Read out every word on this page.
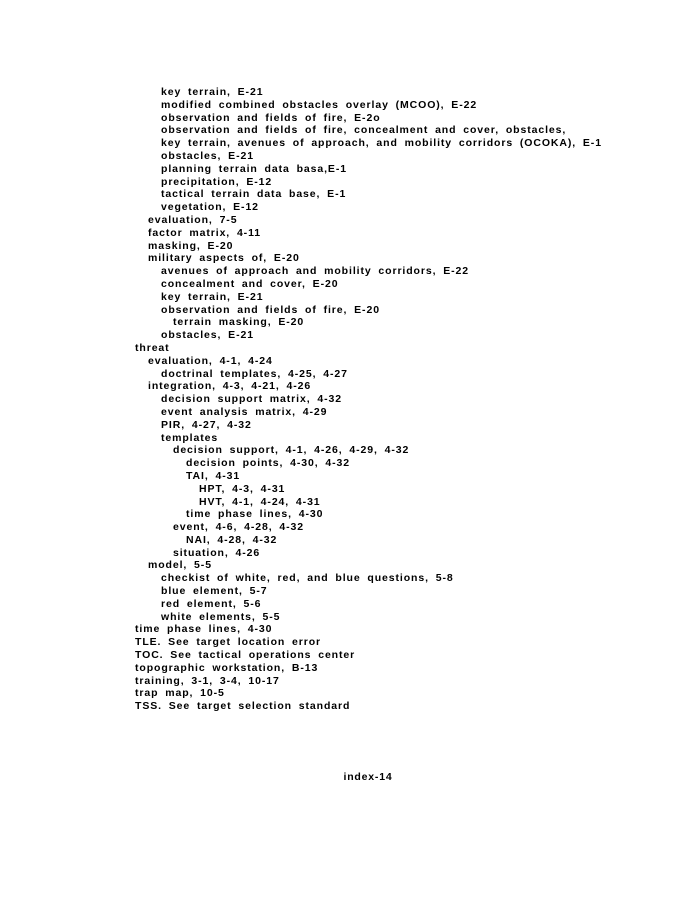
key terrain, E-21
modified combined obstacles overlay (MCOO), E-22
observation and fields of fire, E-2o
observation and fields of fire, concealment and cover, obstacles,
key terrain, avenues of approach, and mobility corridors (OCOKA), E-1
obstacles, E-21
planning terrain data basa,E-1
precipitation, E-12
tactical terrain data base, E-1
vegetation, E-12
evaluation, 7-5
factor matrix, 4-11
masking, E-20
military aspects of, E-20
avenues of approach and mobility corridors, E-22
concealment and cover, E-20
key terrain, E-21
observation and fields of fire, E-20
terrain masking, E-20
obstacles, E-21
threat
evaluation, 4-1, 4-24
doctrinal templates, 4-25, 4-27
integration, 4-3, 4-21, 4-26
decision support matrix, 4-32
event analysis matrix, 4-29
PIR, 4-27, 4-32
templates
decision support, 4-1, 4-26, 4-29, 4-32
decision points, 4-30, 4-32
TAI, 4-31
HPT, 4-3, 4-31
HVT, 4-1, 4-24, 4-31
time phase lines, 4-30
event, 4-6, 4-28, 4-32
NAI, 4-28, 4-32
situation, 4-26
model, 5-5
checkist of white, red, and blue questions, 5-8
blue element, 5-7
red element, 5-6
white elements, 5-5
time phase lines, 4-30
TLE. See target location error
TOC. See tactical operations center
topographic workstation, B-13
training, 3-1, 3-4, 10-17
trap map, 10-5
TSS. See target selection standard
index-14
